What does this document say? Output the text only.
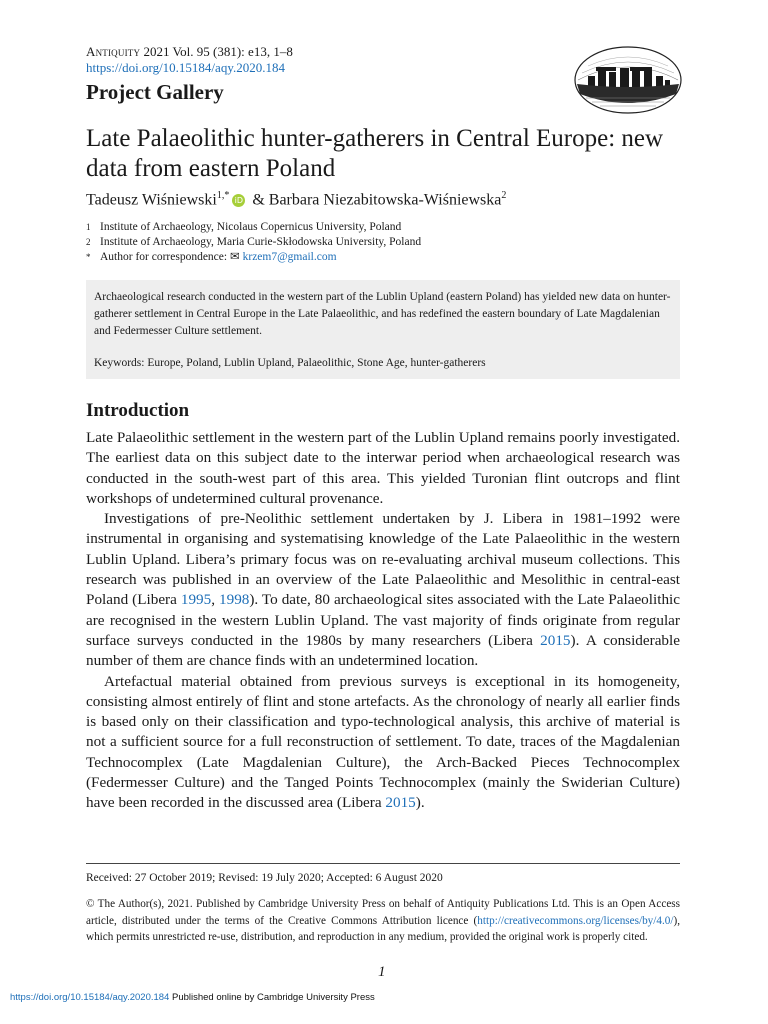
Antiquity 2021 Vol. 95 (381): e13, 1–8
https://doi.org/10.15184/aqy.2020.184
Project Gallery
Late Palaeolithic hunter-gatherers in Central Europe: new data from eastern Poland
Tadeusz Wiśniewski$^{1,*}$ iD & Barbara Niezabitowska-Wiśniewska$^2$
1 Institute of Archaeology, Nicolaus Copernicus University, Poland
2 Institute of Archaeology, Maria Curie-Skłodowska University, Poland
* Author for correspondence: ✉ krzem7@gmail.com
Archaeological research conducted in the western part of the Lublin Upland (eastern Poland) has yielded new data on hunter-gatherer settlement in Central Europe in the Late Palaeolithic, and has redefined the eastern boundary of Late Magdalenian and Federmesser Culture settlement.
Keywords: Europe, Poland, Lublin Upland, Palaeolithic, Stone Age, hunter-gatherers
Introduction

Late Palaeolithic settlement in the western part of the Lublin Upland remains poorly investigated. The earliest data on this subject date to the interwar period when archaeological research was conducted in the south-west part of this area. This yielded Turonian flint outcrops and flint workshops of undetermined cultural provenance.

Investigations of pre-Neolithic settlement undertaken by J. Libera in 1981–1992 were instrumental in organising and systematising knowledge of the Late Palaeolithic in the western Lublin Upland. Libera’s primary focus was on re-evaluating archival museum collections. This research was published in an overview of the Late Palaeolithic and Mesolithic in central-east Poland (Libera 1995, 1998). To date, 80 archaeological sites associated with the Late Palaeolithic are recognised in the western Lublin Upland. The vast majority of finds originate from regular surface surveys conducted in the 1980s by many researchers (Libera 2015). A considerable number of them are chance finds with an undetermined location.

Artefactual material obtained from previous surveys is exceptional in its homogeneity, consisting almost entirely of flint and stone artefacts. As the chronology of nearly all earlier finds is based only on their classification and typo-technological analysis, this archive of material is not a sufficient source for a full reconstruction of settlement. To date, traces of the Magdalenian Technocomplex (Late Magdalenian Culture), the Arch-Backed Pieces Technocomplex (Federmesser Culture) and the Tanged Points Technocomplex (mainly the Swiderian Culture) have been recorded in the discussed area (Libera 2015).

Received: 27 October 2019; Revised: 19 July 2020; Accepted: 6 August 2020
© The Author(s), 2021. Published by Cambridge University Press on behalf of Antiquity Publications Ltd. This is an Open Access article, distributed under the terms of the Creative Commons Attribution licence (http://creativecommons.org/licenses/by/4.0/), which permits unrestricted re-use, distribution, and reproduction in any medium, provided the original work is properly cited.
1
https://doi.org/10.15184/aqy.2020.184 Published online by Cambridge University Press
